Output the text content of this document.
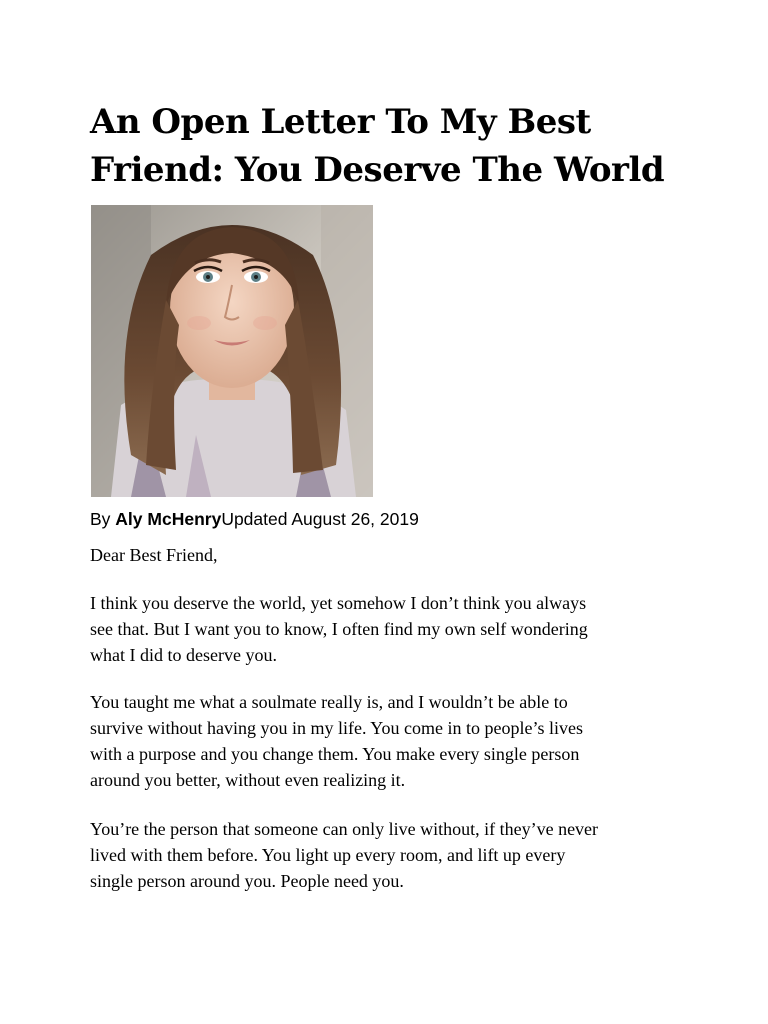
An Open Letter To My Best
Friend: You Deserve The World
By Aly McHenryUpdated August 26, 2019

Dear Best Friend,

I think you deserve the world, yet somehow I don’t think you always
see that. But I want you to know, I often find my own self wondering
what I did to deserve you.

You taught me what a soulmate really is, and I wouldn’t be able to
survive without having you in my life. You come in to people’s lives
with a purpose and you change them. You make every single person
around you better, without even realizing it.

You’re the person that someone can only live without, if they’ve never
lived with them before. You light up every room, and lift up every
single person around you. People need you.
